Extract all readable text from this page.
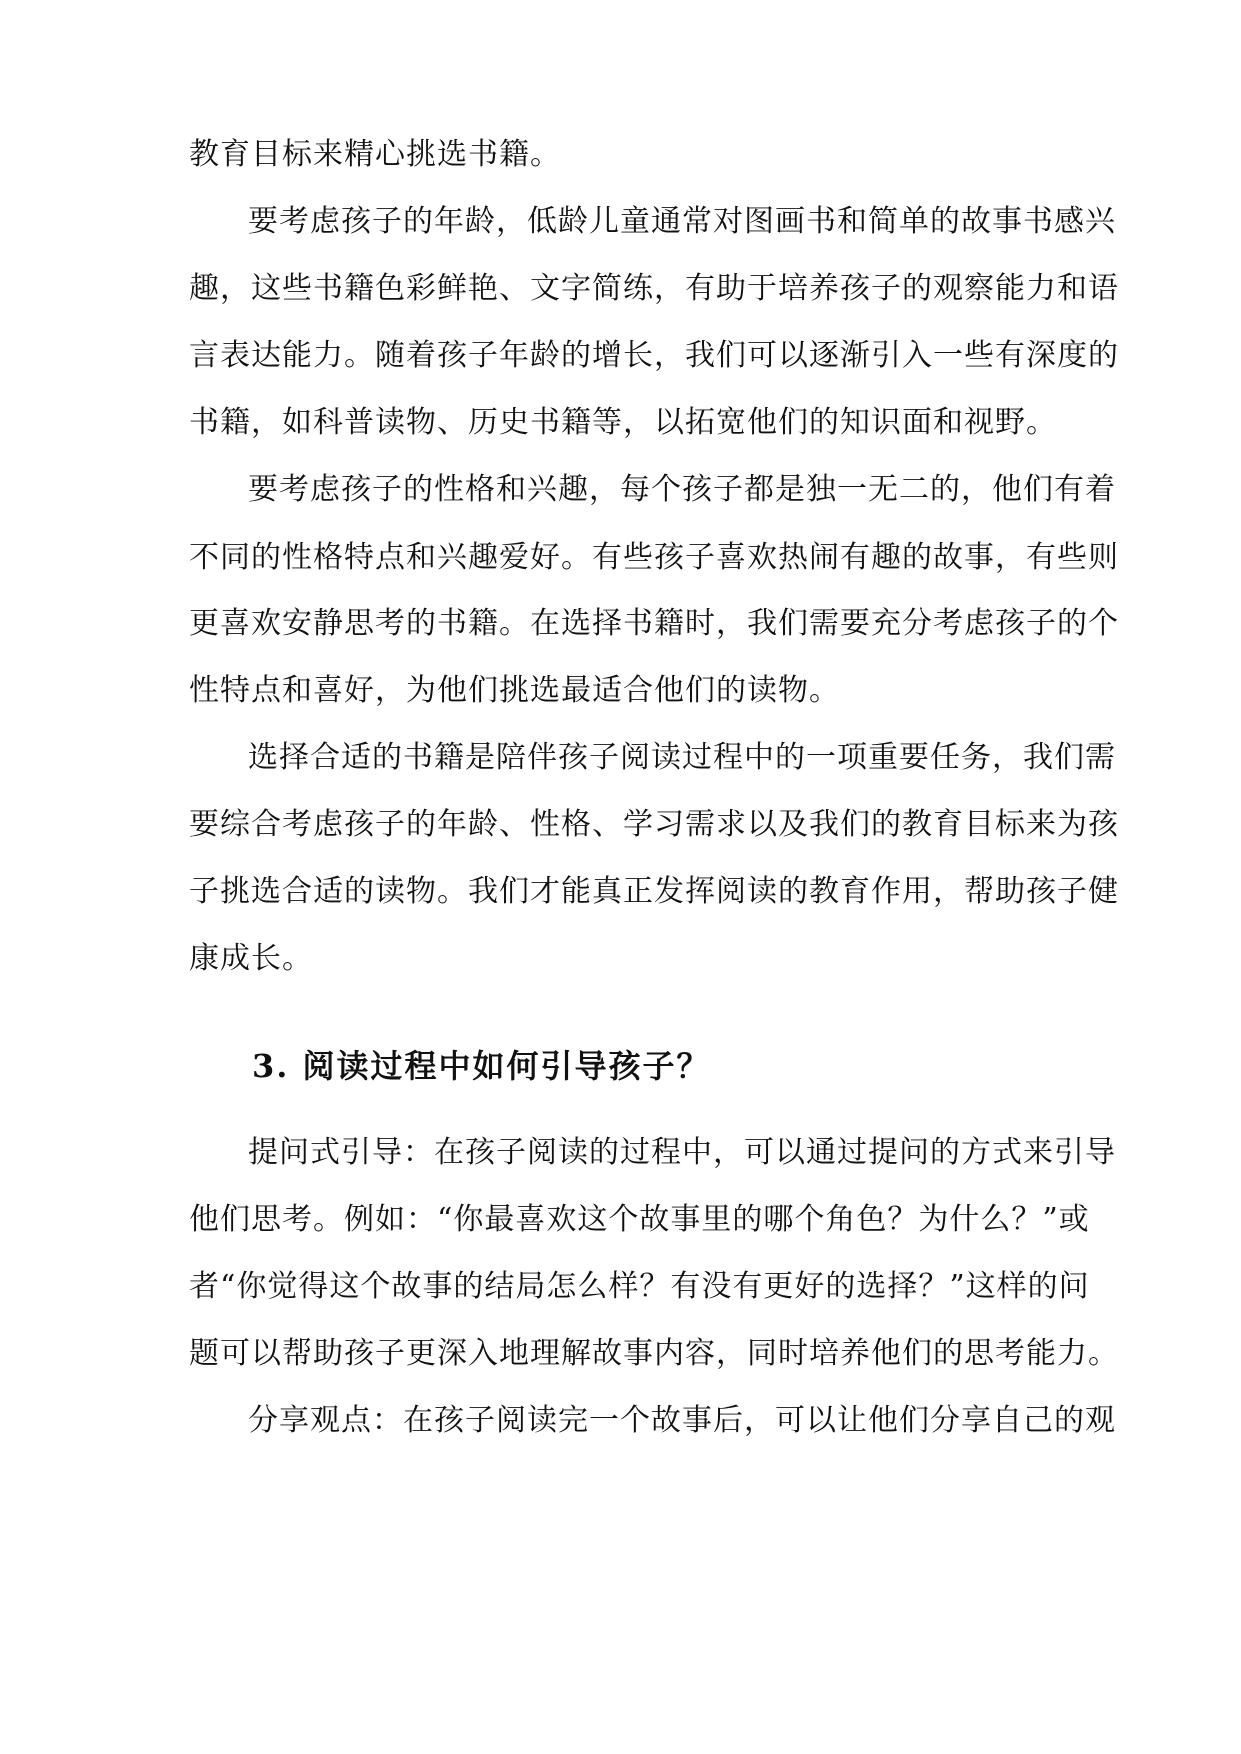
教育目标来精心挑选书籍。

要考虑孩子的年龄，低龄儿童通常对图画书和简单的故事书感兴

趣，这些书籍色彩鲜艳、文字简练，有助于培养孩子的观察能力和语

言表达能力。随着孩子年龄的增长，我们可以逐渐引入一些有深度的

书籍，如科普读物、历史书籍等，以拓宽他们的知识面和视野。

要考虑孩子的性格和兴趣，每个孩子都是独一无二的，他们有着

不同的性格特点和兴趣爱好。有些孩子喜欢热闹有趣的故事，有些则

更喜欢安静思考的书籍。在选择书籍时，我们需要充分考虑孩子的个

性特点和喜好，为他们挑选最适合他们的读物。

选择合适的书籍是陪伴孩子阅读过程中的一项重要任务，我们需

要综合考虑孩子的年龄、性格、学习需求以及我们的教育目标来为孩

子挑选合适的读物。我们才能真正发挥阅读的教育作用，帮助孩子健

康成长。

3. 阅读过程中如何引导孩子？

提问式引导：在孩子阅读的过程中，可以通过提问的方式来引导

他们思考。例如：“你最喜欢这个故事里的哪个角色？为什么？”或

者“你觉得这个故事的结局怎么样？有没有更好的选择？”这样的问

题可以帮助孩子更深入地理解故事内容，同时培养他们的思考能力。

分享观点：在孩子阅读完一个故事后，可以让他们分享自己的观
